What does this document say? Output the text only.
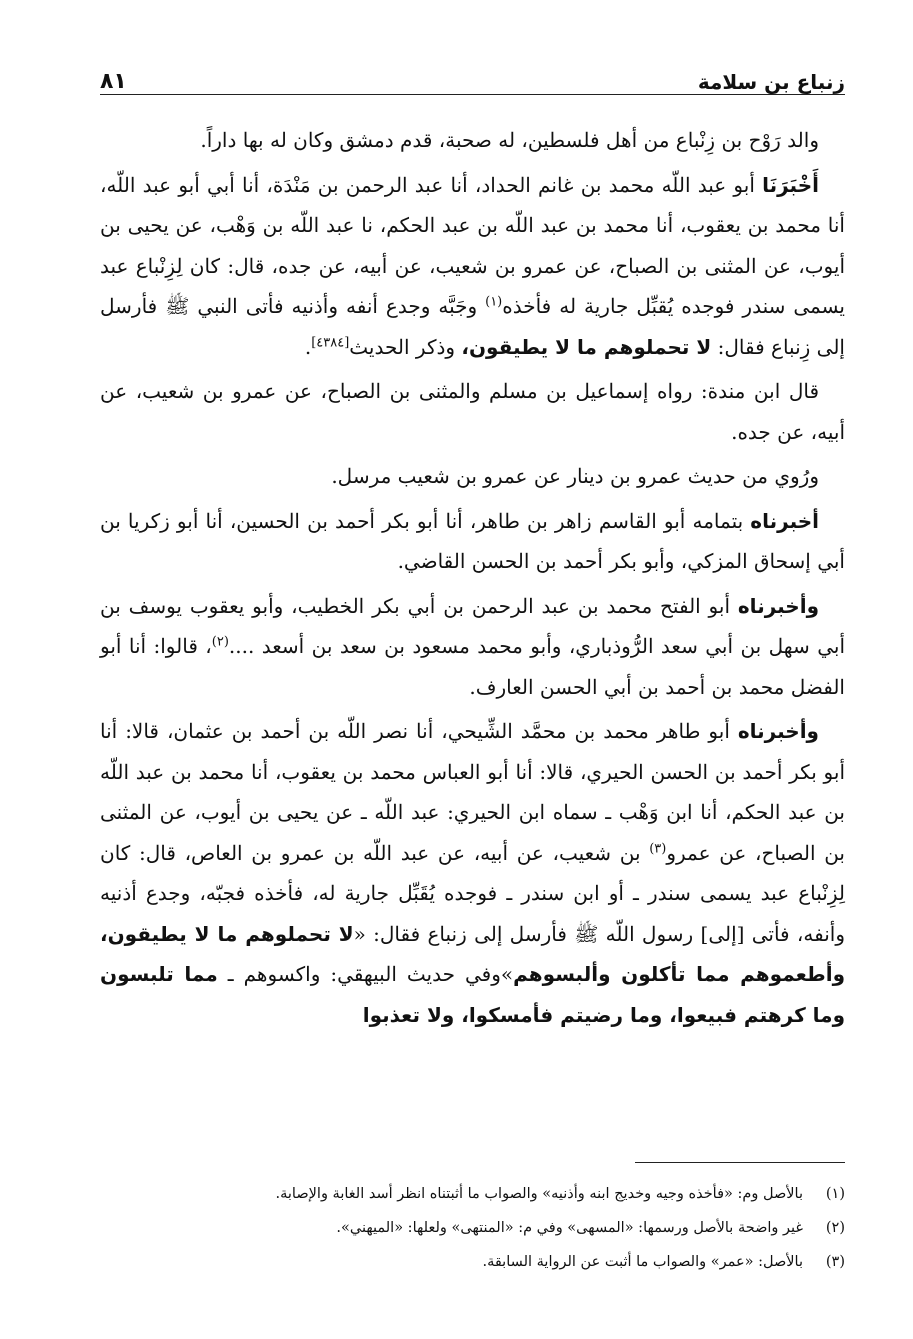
زنباع بن سلامة
٨١

والد رَوْح بن زِنْباع من أهل فلسطين، له صحبة، قدم دمشق وكان له بها داراً.

أَخْبَرَنَا أبو عبد اللّه محمد بن غانم الحداد، أنا عبد الرحمن بن مَنْدَة، أنا أبي أبو عبد اللّه، أنا محمد بن يعقوب، أنا محمد بن عبد اللّه بن عبد الحكم، نا عبد اللّه بن وَهْب، عن يحيى بن أيوب، عن المثنى بن الصباح، عن عمرو بن شعيب، عن أبيه، عن جده، قال: كان لِزِنْباع عبد يسمى سندر فوجده يُقبِّل جارية له فأخذه$^{(١)}$ وجَبَّه وجدع أنفه وأذنيه فأتى النبي ﷺ فأرسل إلى زِنباع فقال: لا تحملوهم ما لا يطيقون، وذكر الحديث[٤٣٨٤].

قال ابن مندة: رواه إسماعيل بن مسلم والمثنى بن الصباح، عن عمرو بن شعيب، عن أبيه، عن جده.

ورُوي من حديث عمرو بن دينار عن عمرو بن شعيب مرسل.

أخبرناه بتمامه أبو القاسم زاهر بن طاهر، أنا أبو بكر أحمد بن الحسين، أنا أبو زكريا بن أبي إسحاق المزكي، وأبو بكر أحمد بن الحسن القاضي.

وأخبرناه أبو الفتح محمد بن عبد الرحمن بن أبي بكر الخطيب، وأبو يعقوب يوسف بن أبي سهل بن أبي سعد الرُّوذباري، وأبو محمد مسعود بن سعد بن أسعد ....$^{(٢)}$، قالوا: أنا أبو الفضل محمد بن أحمد بن أبي الحسن العارف.

وأخبرناه أبو طاهر محمد بن محمَّد الشِّيحي، أنا نصر اللّه بن أحمد بن عثمان، قالا: أنا أبو بكر أحمد بن الحسن الحيري، قالا: أنا أبو العباس محمد بن يعقوب، أنا محمد بن عبد اللّه بن عبد الحكم، أنا ابن وَهْب ـ سماه ابن الحيري: عبد اللّه ـ عن يحيى بن أيوب، عن المثنى بن الصباح، عن عمرو$^{(٣)}$ بن شعيب، عن أبيه، عن عبد اللّه بن عمرو بن العاص، قال: كان لِزِنْباع عبد يسمى سندر ـ أو ابن سندر ـ فوجده يُقَبِّل جارية له، فأخذه فجبّه، وجدع أذنيه وأنفه، فأتى [إلى] رسول اللّه ﷺ فأرسل إلى زنباع فقال: «لا تحملوهم ما لا يطيقون، وأطعموهم مما تأكلون وألبسوهم»وفي حديث البيهقي: واكسوهم ـ مما تلبسون وما كرهتم فبيعوا، وما رضيتم فأمسكوا، ولا تعذبوا

(١)بالأصل وم: «فأخذه وجيه وخديج ابنه وأذنيه» والصواب ما أثبتناه انظر أسد الغابة والإصابة.
(٢)غير واضحة بالأصل ورسمها: «المسهى» وفي م: «المنتهى» ولعلها: «الميهني».
(٣)بالأصل: «عمر» والصواب ما أثبت عن الرواية السابقة.
